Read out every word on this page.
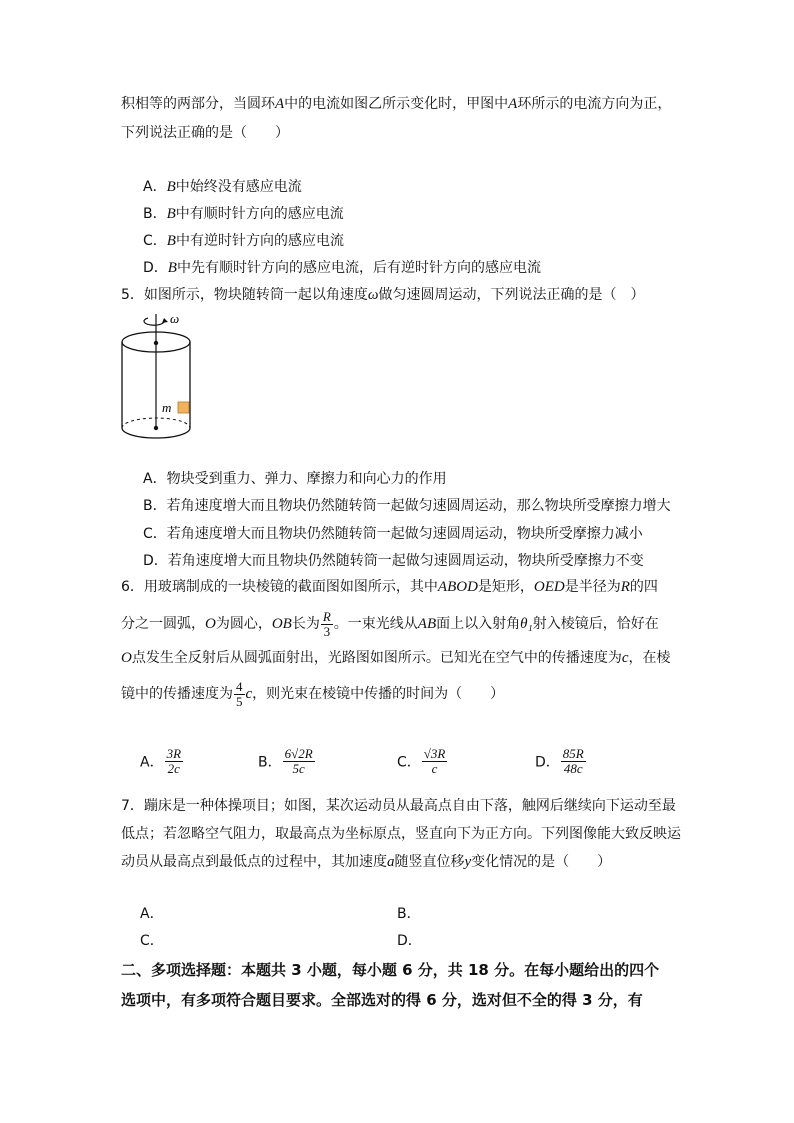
积相等的两部分，当圆环A中的电流如图乙所示变化时，甲图中A环所示的电流方向为正，
下列说法正确的是（　　）
A．B中始终没有感应电流
B．B中有顺时针方向的感应电流
C．B中有逆时针方向的感应电流
D．B中先有顺时针方向的感应电流，后有逆时针方向的感应电流
5．如图所示，物块随转筒一起以角速度ω做匀速圆周运动，下列说法正确的是（　）
ω
m
A．物块受到重力、弹力、摩擦力和向心力的作用
B．若角速度增大而且物块仍然随转筒一起做匀速圆周运动，那么物块所受摩擦力增大
C．若角速度增大而且物块仍然随转筒一起做匀速圆周运动，物块所受摩擦力减小
D．若角速度增大而且物块仍然随转筒一起做匀速圆周运动，物块所受摩擦力不变
6．用玻璃制成的一块棱镜的截面图如图所示，其中ABOD是矩形，OED是半径为R的四
分之一圆弧，O为圆心，OB长为 $\frac{R}{3}$ 。一束光线从AB面上以入射角θ₁射入棱镜后，恰好在
O点发生全反射后从圆弧面射出，光路图如图所示。已知光在空气中的传播速度为c，在棱
镜中的传播速度为 $\frac{4}{5}$ c，则光束在棱镜中传播的时间为（　　）
A． $\frac{3R}{2c}$	B． $\frac{6√2R}{5c}$	C． $\frac{√3R}{c}$	D． $\frac{85R}{48c}$
7．蹦床是一种体操项目；如图，某次运动员从最高点自由下落，触网后继续向下运动至最
低点；若忽略空气阻力，取最高点为坐标原点，竖直向下为正方向。下列图像能大致反映运
动员从最高点到最低点的过程中，其加速度a随竖直位移y变化情况的是（　　）
A．	B．
C．	D．
二、多项选择题：本题共 3 小题，每小题 6 分，共 18 分。在每小题给出的四个
选项中，有多项符合题目要求。全部选对的得 6 分，选对但不全的得 3 分，有
